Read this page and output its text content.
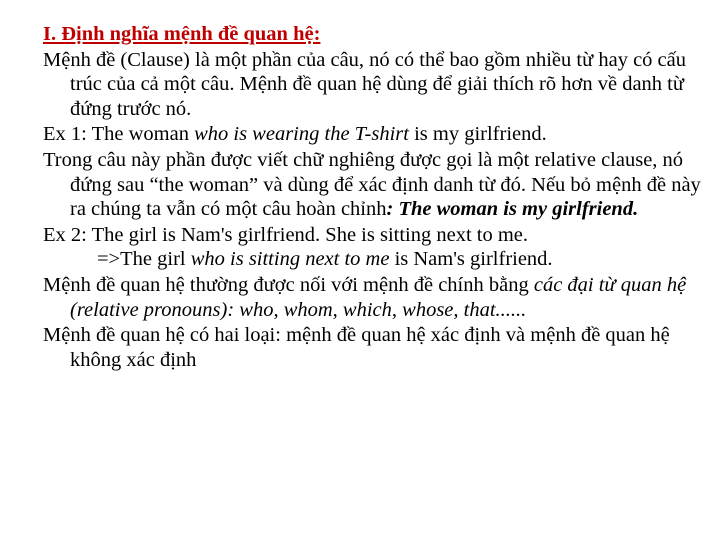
I. Định nghĩa mệnh đề quan hệ:
Mệnh đề (Clause) là một phần của câu, nó có thể bao gồm nhiều từ hay có cấu trúc của cả một câu. Mệnh đề quan hệ dùng để giải thích rõ hơn về danh từ đứng trước nó.
Ex 1: The woman who is wearing the T-shirt is my girlfriend.
Trong câu này phần được viết chữ nghiêng được gọi là một relative clause, nó đứng sau “the woman” và dùng để xác định danh từ đó. Nếu bỏ mệnh đề này ra chúng ta vẫn có một câu hoàn chỉnh: The woman is my girlfriend.
Ex 2: The girl is Nam's girlfriend. She is sitting next to me.
=>The girl who is sitting next to me is Nam's girlfriend.
Mệnh đề quan hệ thường được nối với mệnh đề chính bằng các đại từ quan hệ (relative pronouns): who, whom, which, whose, that......
Mệnh đề quan hệ có hai loại: mệnh đề quan hệ xác định và mệnh đề quan hệ không xác định
